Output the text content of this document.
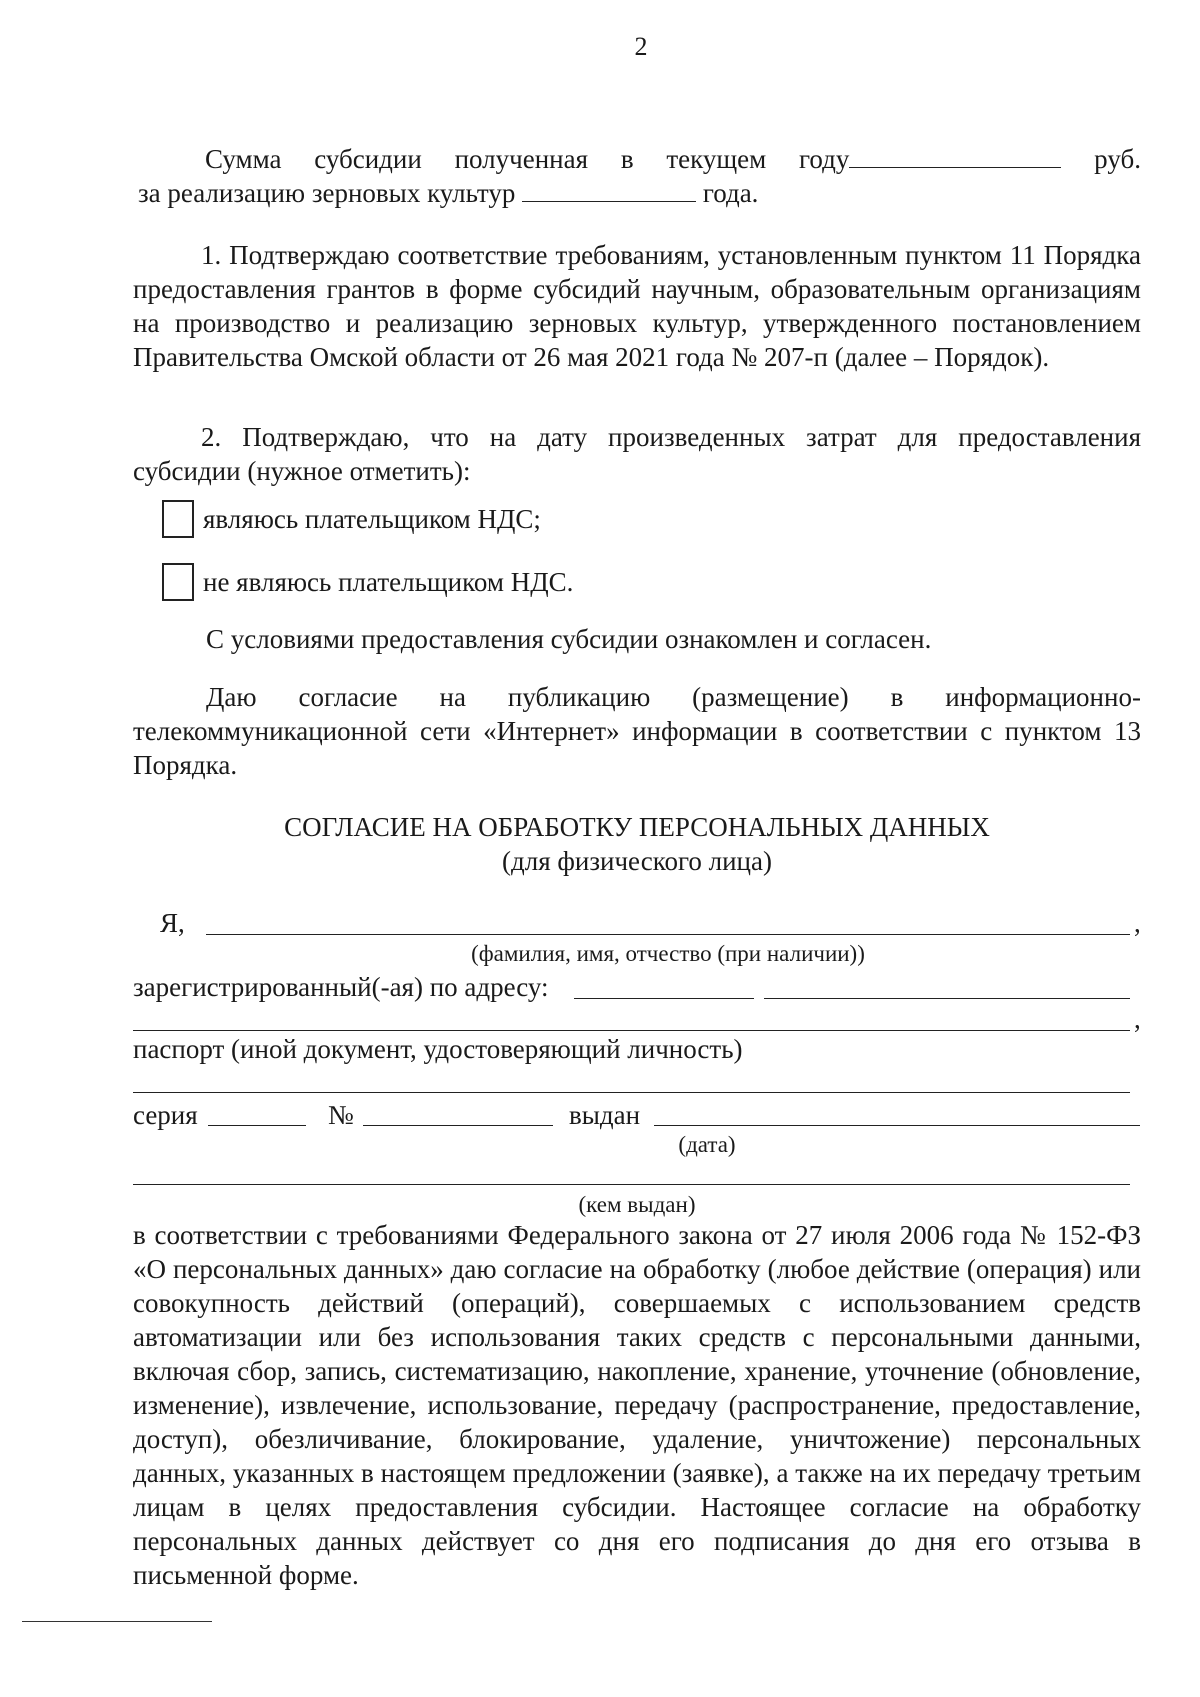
2
Сумма субсидии полученная в текущем году	руб.
за реализацию зерновых культур	года.
1. Подтверждаю соответствие требованиям, установленным пунктом 11 Порядка предоставления грантов в форме субсидий научным, образовательным организациям на производство и реализацию зерновых культур, утвержденного постановлением Правительства Омской области от 26 мая 2021 года № 207-п (далее – Порядок).
2. Подтверждаю, что на дату произведенных затрат для предоставления субсидии (нужное отметить):
являюсь плательщиком НДС;
не являюсь плательщиком НДС.
С условиями предоставления субсидии ознакомлен и согласен.
Даю согласие на публикацию (размещение) в информационно-
телекоммуникационной сети «Интернет» информации в соответствии с пунктом 13 Порядка.
СОГЛАСИЕ НА ОБРАБОТКУ ПЕРСОНАЛЬНЫХ ДАННЫХ
(для физического лица)
Я,	,
(фамилия, имя, отчество (при наличии))
зарегистрированный(-ая) по адресу:
,
паспорт (иной документ, удостоверяющий личность)
серия	№	выдан
(дата)
(кем выдан)
в соответствии с требованиями Федерального закона от 27 июля 2006 года № 152-ФЗ «О персональных данных» даю согласие на обработку (любое действие (операция) или совокупность действий (операций), совершаемых с использованием средств автоматизации или без использования таких средств с персональными данными, включая сбор, запись, систематизацию, накопление, хранение, уточнение (обновление, изменение), извлечение, использование, передачу (распространение, предоставление, доступ), обезличивание, блокирование, удаление, уничтожение) персональных данных, указанных в настоящем предложении (заявке), а также на их передачу третьим лицам в целях предоставления субсидии. Настоящее согласие на обработку персональных данных действует со дня его подписания до дня его отзыва в письменной форме.
